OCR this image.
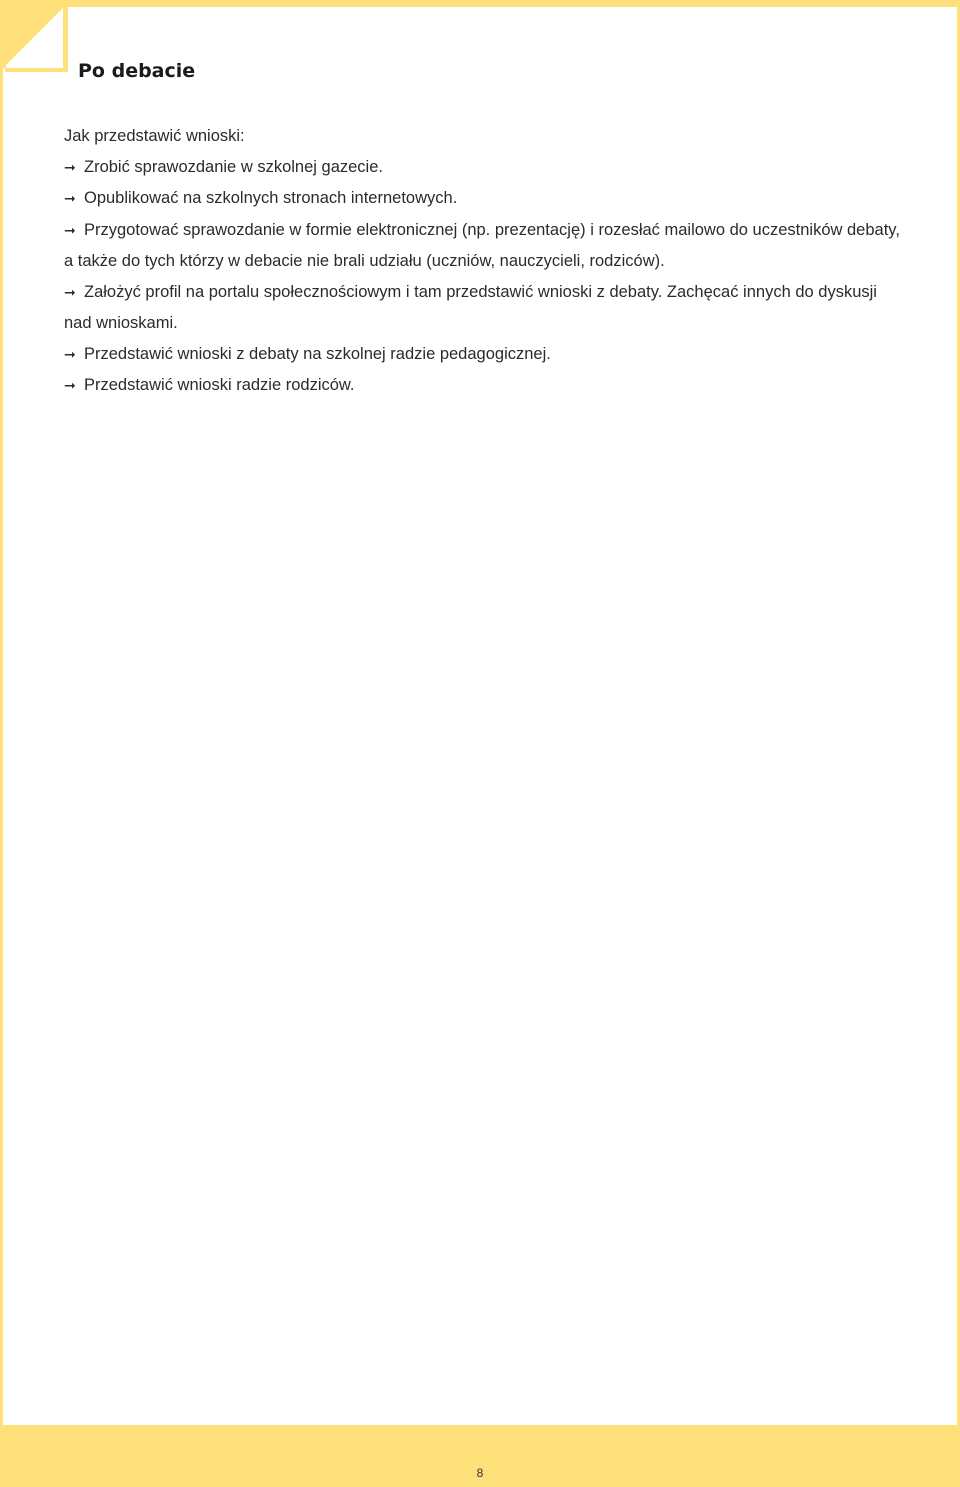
Po debacie

Jak przedstawić wnioski:

➞ Zrobić sprawozdanie w szkolnej gazecie.

➞ Opublikować na szkolnych stronach internetowych.

➞ Przygotować sprawozdanie w formie elektronicznej (np. prezentację) i rozesłać mailowo do uczestników debaty, a także do tych którzy w debacie nie brali udziału (uczniów, nauczycieli, rodziców).

➞ Założyć profil na portalu społecznościowym i tam przedstawić wnioski z debaty. Zachęcać innych do dyskusji nad wnioskami.

➞ Przedstawić wnioski z debaty na szkolnej radzie pedagogicznej.

➞ Przedstawić wnioski radzie rodziców.

8
